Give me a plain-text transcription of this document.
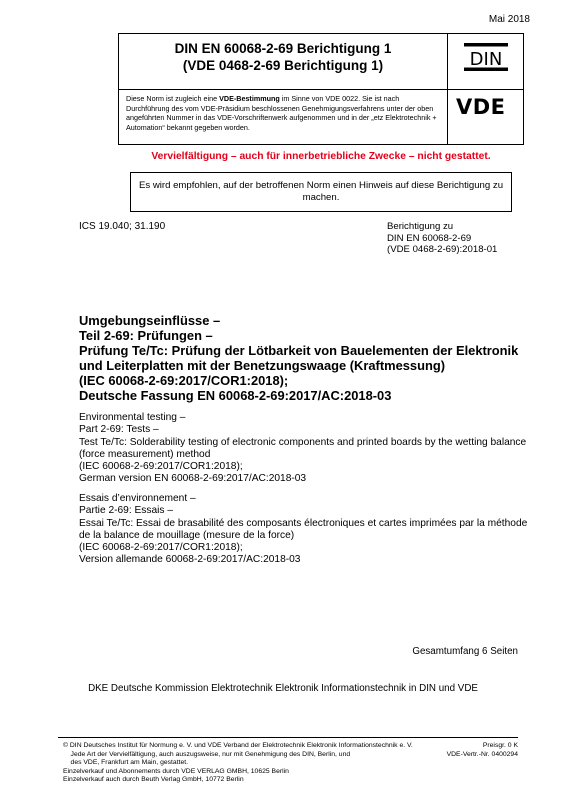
Mai 2018
DIN EN 60068-2-69 Berichtigung 1
(VDE 0468-2-69 Berichtigung 1)	DIN
Diese Norm ist zugleich eine VDE-Bestimmung im Sinne von VDE 0022. Sie ist nach Durchführung des vom VDE-Präsidium beschlossenen Genehmigungsverfahrens unter der oben angeführten Nummer in das VDE-Vorschriftenwerk aufgenommen und in der „etz Elektrotechnik + Automation“ bekannt gegeben worden.
VDE
Vervielfältigung – auch für innerbetriebliche Zwecke – nicht gestattet.
Es wird empfohlen, auf der betroffenen Norm einen Hinweis auf diese Berichtigung zu machen.
ICS 19.040; 31.190	Berichtigung zu
DIN EN 60068-2-69
(VDE 0468-2-69):2018-01
Umgebungseinflüsse –
Teil 2-69: Prüfungen –
Prüfung Te/Tc: Prüfung der Lötbarkeit von Bauelementen der Elektronik und Leiterplatten mit der Benetzungswaage (Kraftmessung)
(IEC 60068-2-69:2017/COR1:2018);
Deutsche Fassung EN 60068-2-69:2017/AC:2018-03
Environmental testing –
Part 2-69: Tests –
Test Te/Tc: Solderability testing of electronic components and printed boards by the wetting balance (force measurement) method
(IEC 60068-2-69:2017/COR1:2018);
German version EN 60068-2-69:2017/AC:2018-03
Essais d’environnement –
Partie 2-69: Essais –
Essai Te/Tc: Essai de brasabilité des composants électroniques et cartes imprimées par la méthode de la balance de mouillage (mesure de la force)
(IEC 60068-2-69:2017/COR1:2018);
Version allemande 60068-2-69:2017/AC:2018-03
Gesamtumfang 6 Seiten
DKE Deutsche Kommission Elektrotechnik Elektronik Informationstechnik in DIN und VDE
© DIN Deutsches Institut für Normung e. V. und VDE Verband der Elektrotechnik Elektronik Informationstechnik e. V.
Jede Art der Vervielfältigung, auch auszugsweise, nur mit Genehmigung des DIN, Berlin, und
des VDE, Frankfurt am Main, gestattet.
Einzelverkauf und Abonnements durch VDE VERLAG GMBH, 10625 Berlin
Einzelverkauf auch durch Beuth Verlag GmbH, 10772 Berlin
Preisgr. 0 K
VDE-Vertr.-Nr. 0400294
